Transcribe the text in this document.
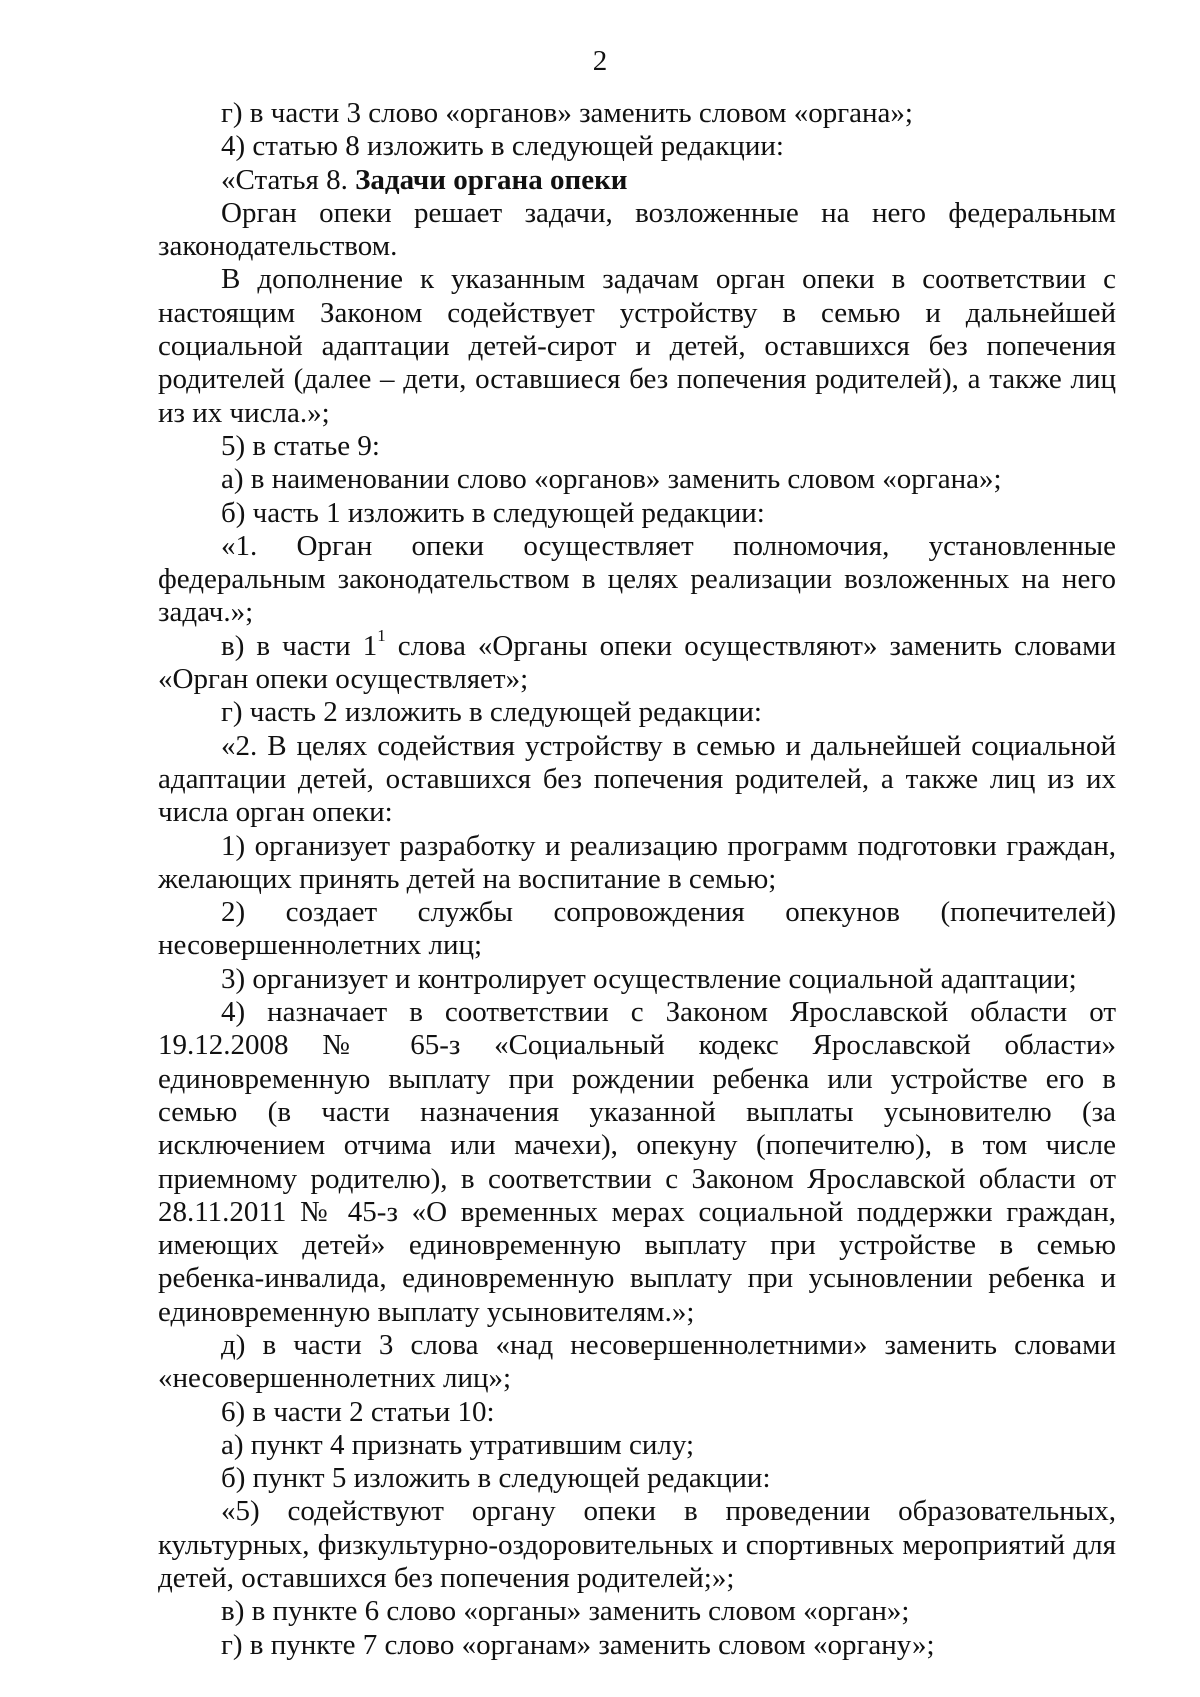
2

г) в части 3 слово «органов» заменить словом «органа»;

4) статью 8 изложить в следующей редакции:

«Статья 8. Задачи органа опеки

Орган опеки решает задачи, возложенные на него федеральным законодательством.

В дополнение к указанным задачам орган опеки в соответствии с настоящим Законом содействует устройству в семью и дальнейшей социальной адаптации детей-сирот и детей, оставшихся без попечения родителей (далее – дети, оставшиеся без попечения родителей), а также лиц из их числа.»;

5) в статье 9:

а) в наименовании слово «органов» заменить словом «органа»;

б) часть 1 изложить в следующей редакции:

«1. Орган опеки осуществляет полномочия, установленные федеральным законодательством в целях реализации возложенных на него задач.»;

в) в части $1^1$ слова «Органы опеки осуществляют» заменить словами «Орган опеки осуществляет»;

г) часть 2 изложить в следующей редакции:

«2. В целях содействия устройству в семью и дальнейшей социальной адаптации детей, оставшихся без попечения родителей, а также лиц из их числа орган опеки:

1) организует разработку и реализацию программ подготовки граждан, желающих принять детей на воспитание в семью;

2) создает службы сопровождения опекунов (попечителей) несовершеннолетних лиц;

3) организует и контролирует осуществление социальной адаптации;

4) назначает в соответствии с Законом Ярославской области от 19.12.2008 № 65-з «Социальный кодекс Ярославской области» единовременную выплату при рождении ребенка или устройстве его в семью (в части назначения указанной выплаты усыновителю (за исключением отчима или мачехи), опекуну (попечителю), в том числе приемному родителю), в соответствии с Законом Ярославской области от 28.11.2011 № 45-з «О временных мерах социальной поддержки граждан, имеющих детей» единовременную выплату при устройстве в семью ребенка-инвалида, единовременную выплату при усыновлении ребенка и единовременную выплату усыновителям.»;

д) в части 3 слова «над несовершеннолетними» заменить словами «несовершеннолетних лиц»;

6) в части 2 статьи 10:

а) пункт 4 признать утратившим силу;

б) пункт 5 изложить в следующей редакции:

«5) содействуют органу опеки в проведении образовательных, культурных, физкультурно-оздоровительных и спортивных мероприятий для детей, оставшихся без попечения родителей;»;

в) в пункте 6 слово «органы» заменить словом «орган»;

г) в пункте 7 слово «органам» заменить словом «органу»;
